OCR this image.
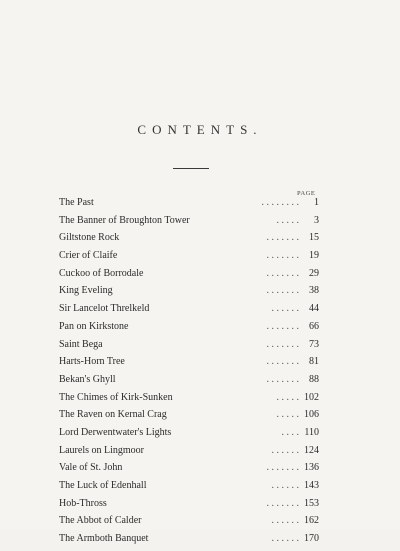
CONTENTS.
PAGE
The Past	. . . . . . . .	1
The Banner of Broughton Tower	. . . . .	3
Giltstone Rock	. . . . . . .	15
Crier of Claife	. . . . . . .	19
Cuckoo of Borrodale	. . . . . . .	29
King Eveling	. . . . . . .	38
Sir Lancelot Threlkeld	. . . . . .	44
Pan on Kirkstone	. . . . . . .	66
Saint Bega	. . . . . . .	73
Harts-Horn Tree	. . . . . . .	81
Bekan's Ghyll	. . . . . . .	88
The Chimes of Kirk-Sunken	. . . . . 102
The Raven on Kernal Crag	. . . . . 106
Lord Derwentwater's Lights	. . . . 110
Laurels on Lingmoor	. . . . . . 124
Vale of St. John	. . . . . . . 136
The Luck of Edenhall	. . . . . . 143
Hob-Thross	. . . . . . . 153
The Abbot of Calder	. . . . . . 162
The Armboth Banquet	. . . . . . 170
